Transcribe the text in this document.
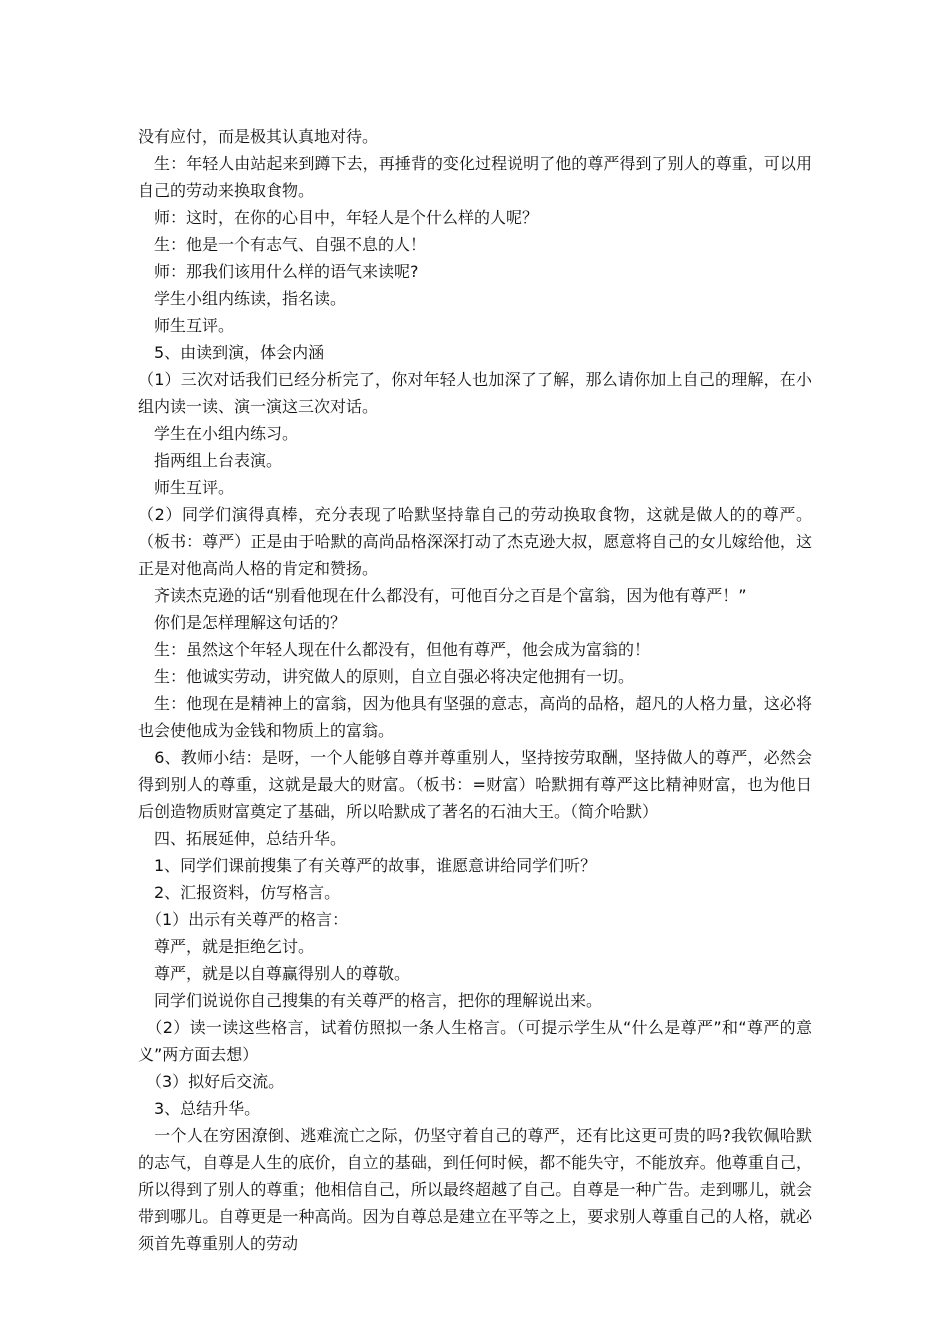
没有应付，而是极其认真地对待。

　生：年轻人由站起来到蹲下去，再捶背的变化过程说明了他的尊严得到了别人的尊重，可以用自己的劳动来换取食物。

　师：这时，在你的心目中，年轻人是个什么样的人呢？

　生：他是一个有志气、自强不息的人！

　师：那我们该用什么样的语气来读呢?

　学生小组内练读，指名读。

　师生互评。

　5、由读到演，体会内涵

（1）三次对话我们已经分析完了，你对年轻人也加深了了解，那么请你加上自己的理解，在小组内读一读、演一演这三次对话。

　学生在小组内练习。

　指两组上台表演。

　师生互评。

（2）同学们演得真棒，充分表现了哈默坚持靠自己的劳动换取食物，这就是做人的的尊严。（板书：尊严）正是由于哈默的高尚品格深深打动了杰克逊大叔，愿意将自己的女儿嫁给他，这正是对他高尚人格的肯定和赞扬。

　齐读杰克逊的话“别看他现在什么都没有，可他百分之百是个富翁，因为他有尊严！”

　你们是怎样理解这句话的？

　生：虽然这个年轻人现在什么都没有，但他有尊严，他会成为富翁的！

　生：他诚实劳动，讲究做人的原则，自立自强必将决定他拥有一切。

　生：他现在是精神上的富翁，因为他具有坚强的意志，高尚的品格，超凡的人格力量，这必将也会使他成为金钱和物质上的富翁。

　6、教师小结：是呀，一个人能够自尊并尊重别人，坚持按劳取酬，坚持做人的尊严，必然会得到别人的尊重，这就是最大的财富。（板书：=财富）哈默拥有尊严这比精神财富，也为他日后创造物质财富奠定了基础，所以哈默成了著名的石油大王。（简介哈默）

　四、拓展延伸，总结升华。

　1、同学们课前搜集了有关尊严的故事，谁愿意讲给同学们听？

　2、汇报资料，仿写格言。

　（1）出示有关尊严的格言：

　尊严，就是拒绝乞讨。

　尊严，就是以自尊赢得别人的尊敬。

　同学们说说你自己搜集的有关尊严的格言，把你的理解说出来。

　（2）读一读这些格言，试着仿照拟一条人生格言。（可提示学生从“什么是尊严”和“尊严的意义”两方面去想）

　（3）拟好后交流。

　3、总结升华。

　一个人在穷困潦倒、逃难流亡之际，仍坚守着自己的尊严，还有比这更可贵的吗?我钦佩哈默的志气，自尊是人生的底价，自立的基础，到任何时候，都不能失守，不能放弃。他尊重自己，所以得到了别人的尊重；他相信自己，所以最终超越了自己。自尊是一种广告。走到哪儿，就会带到哪儿。自尊更是一种高尚。因为自尊总是建立在平等之上，要求别人尊重自己的人格，就必须首先尊重别人的劳动
